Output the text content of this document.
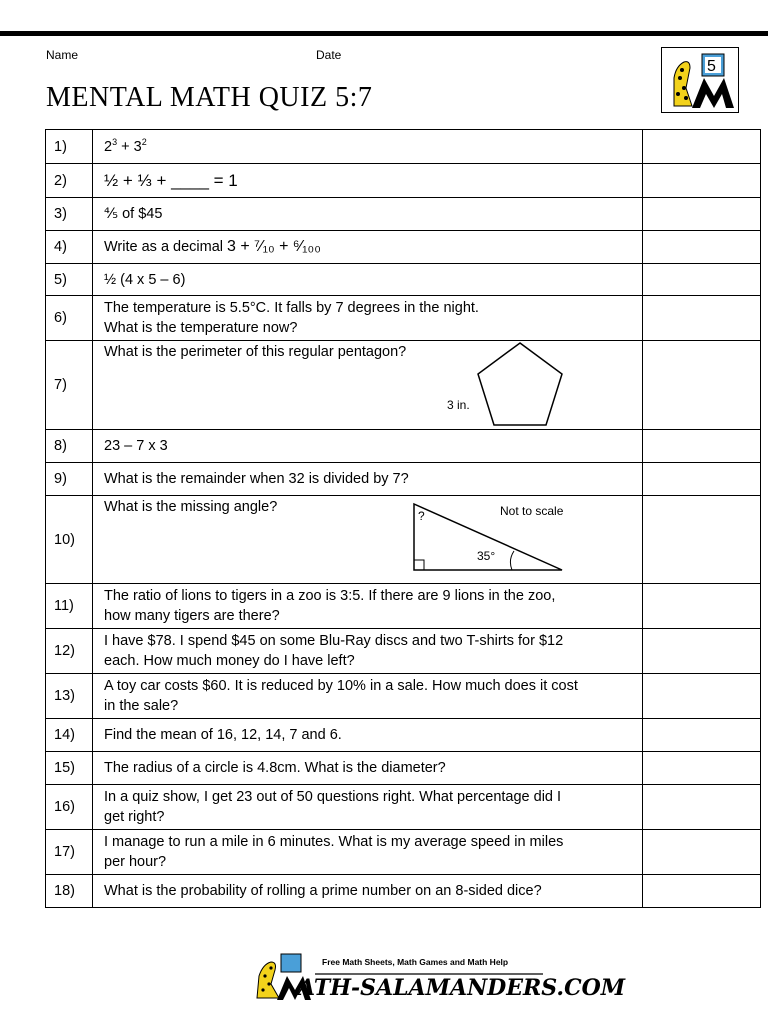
Name	Date
MENTAL MATH QUIZ 5:7
5
1)	$2^3 + 3^2$	
2)	½ + ⅓ + ____ = 1	
3)	⅘ of $45	
4)	Write as a decimal 3 + ⁷⁄₁₀ + ⁶⁄₁₀₀	
5)	½ (4 x 5 – 6)	
6)	The temperature is 5.5°C. It falls by 7 degrees in the night.
What is the temperature now?	

7)	What is the perimeter of this regular pentagon?
3 in.	

8)	23 – 7 x 3	
9)	What is the remainder when 32 is divided by 7?	
10)	What is the missing angle?
?
35°
Not to scale	

11)	The ratio of lions to tigers in a zoo is 3:5. If there are 9 lions in the zoo,
how many tigers are there?	

12)	I have $78. I spend $45 on some Blu-Ray discs and two T-shirts for $12
each. How much money do I have left?	

13)	A toy car costs $60. It is reduced by 10% in a sale. How much does it cost
in the sale?	

14)	Find the mean of 16, 12, 14, 7 and 6.	
15)	The radius of a circle is 4.8cm. What is the diameter?	
16)	In a quiz show, I get 23 out of 50 questions right. What percentage did I
get right?	

17)	I manage to run a mile in 6 minutes. What is my average speed in miles
per hour?	

18)	What is the probability of rolling a prime number on an 8-sided dice?	
Free Math Sheets, Math Games and Math Help
ATH-SALAMANDERS.COM
